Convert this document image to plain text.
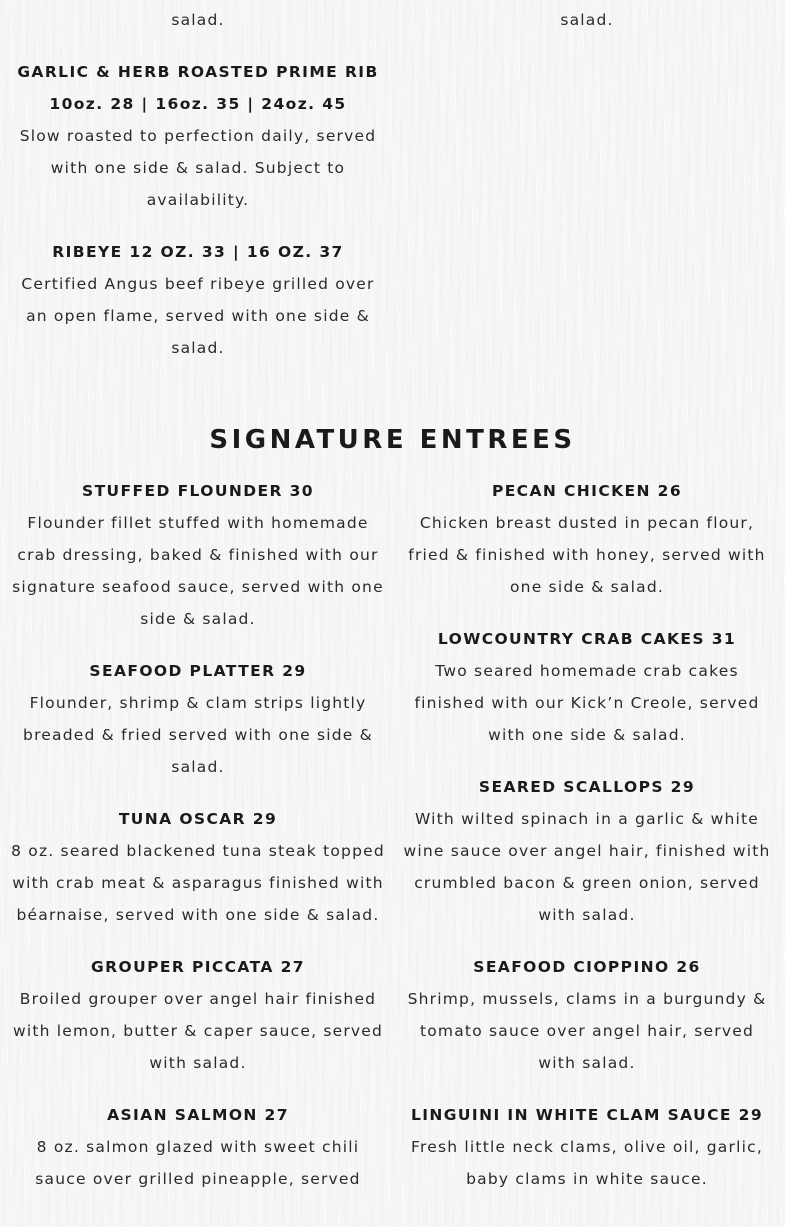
salad.

GARLIC & HERB ROASTED PRIME RIB

10oz. 28 | 16oz. 35 | 24oz. 45

Slow roasted to perfection daily, served with one side & salad. Subject to availability.

RIBEYE 12 OZ. 33 | 16 OZ. 37

Certified Angus beef ribeye grilled over an open flame, served with one side & salad.

salad.

SIGNATURE ENTREES

STUFFED FLOUNDER 30

Flounder fillet stuffed with homemade crab dressing, baked & finished with our signature seafood sauce, served with one side & salad.

SEAFOOD PLATTER 29

Flounder, shrimp & clam strips lightly breaded & fried served with one side & salad.

TUNA OSCAR 29

8 oz. seared blackened tuna steak topped with crab meat & asparagus finished with béarnaise, served with one side & salad.

GROUPER PICCATA 27

Broiled grouper over angel hair finished with lemon, butter & caper sauce, served with salad.

ASIAN SALMON 27

8 oz. salmon glazed with sweet chili sauce over grilled pineapple, served

PECAN CHICKEN 26

Chicken breast dusted in pecan flour, fried & finished with honey, served with one side & salad.

LOWCOUNTRY CRAB CAKES 31

Two seared homemade crab cakes finished with our Kick’n Creole, served with one side & salad.

SEARED SCALLOPS 29

With wilted spinach in a garlic & white wine sauce over angel hair, finished with crumbled bacon & green onion, served with salad.

SEAFOOD CIOPPINO 26

Shrimp, mussels, clams in a burgundy & tomato sauce over angel hair, served with salad.

LINGUINI IN WHITE CLAM SAUCE 29

Fresh little neck clams, olive oil, garlic, baby clams in white sauce.
